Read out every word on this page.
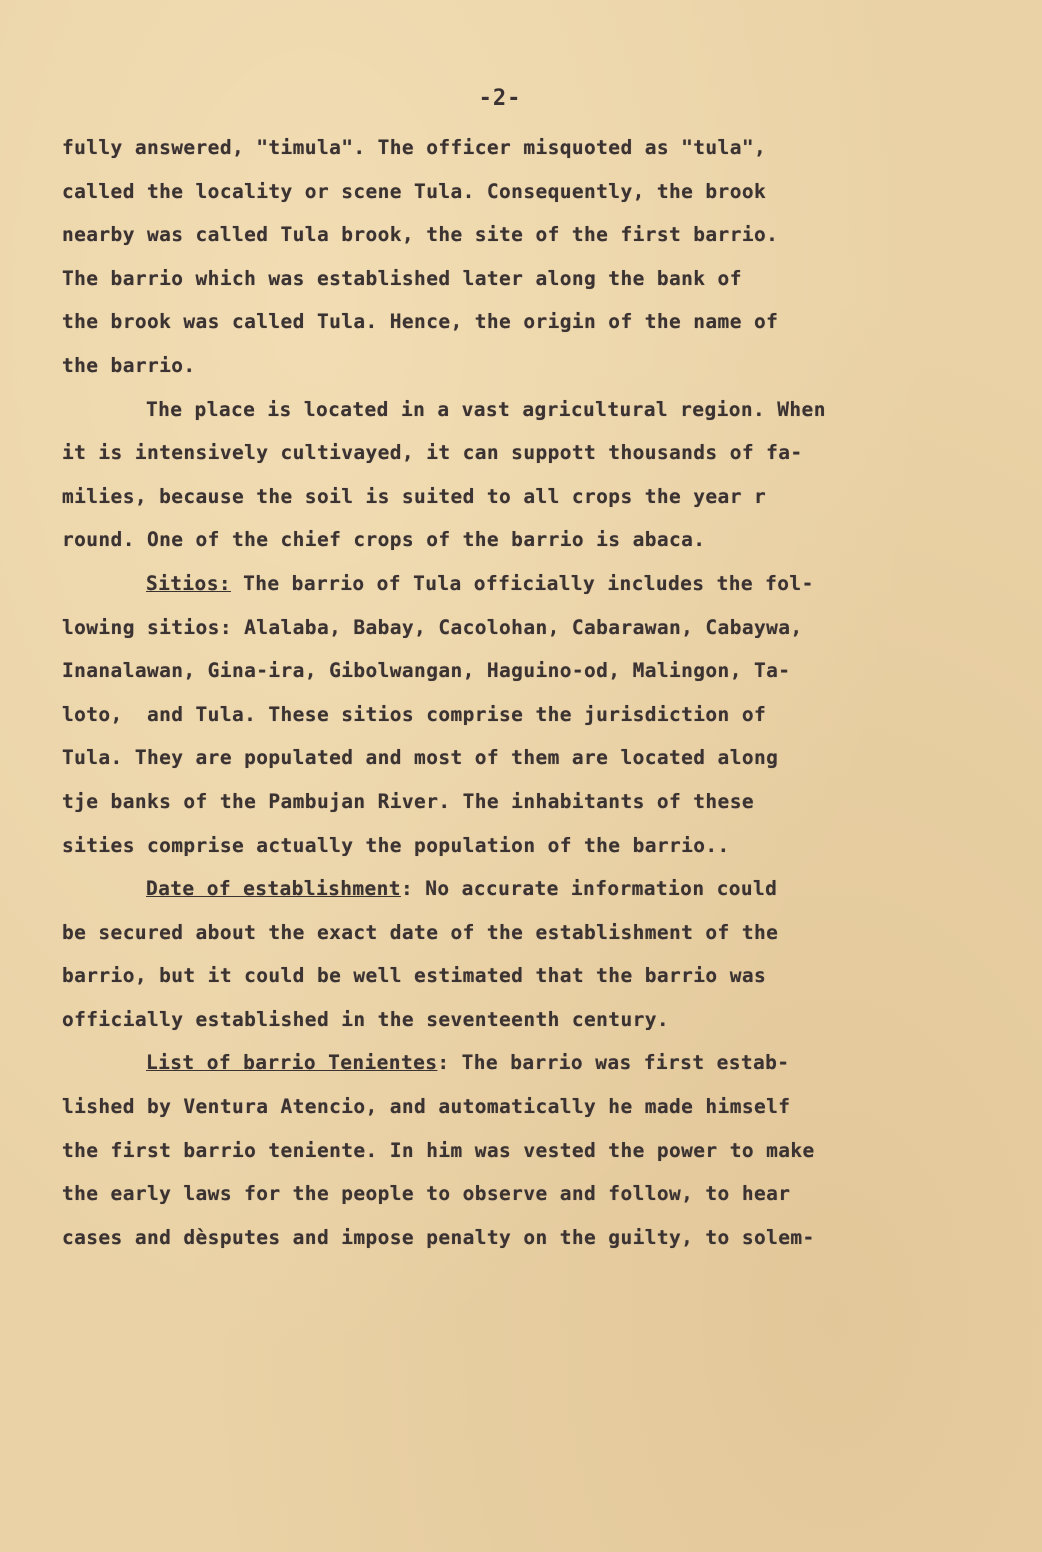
-2-
fully answered, "timula". The officer misquoted as "tula",
called the locality or scene Tula. Consequently, the brook
nearby was called Tula brook, the site of the first barrio.
The barrio which was established later along the bank of
the brook was called Tula. Hence, the origin of the name of
the barrio.
The place is located in a vast agricultural region. When
it is intensively cultivayed, it can suppott thousands of fa-
milies, because the soil is suited to all crops the year r
round. One of the chief crops of the barrio is abaca.
Sitios: The barrio of Tula officially includes the fol-
lowing sitios: Alalaba, Babay, Cacolohan, Cabarawan, Cabaywa,
Inanalawan, Gina-ira, Gibolwangan, Haguino-od, Malingon, Ta-
loto,  and Tula. These sitios comprise the jurisdiction of
Tula. They are populated and most of them are located along
tje banks of the Pambujan River. The inhabitants of these
sities comprise actually the population of the barrio..
Date of establishment: No accurate information could
be secured about the exact date of the establishment of the
barrio, but it could be well estimated that the barrio was
officially established in the seventeenth century.
List of barrio Tenientes: The barrio was first estab-
lished by Ventura Atencio, and automatically he made himself
the first barrio teniente. In him was vested the power to make
the early laws for the people to observe and follow, to hear
cases and dèsputes and impose penalty on the guilty, to solem-
